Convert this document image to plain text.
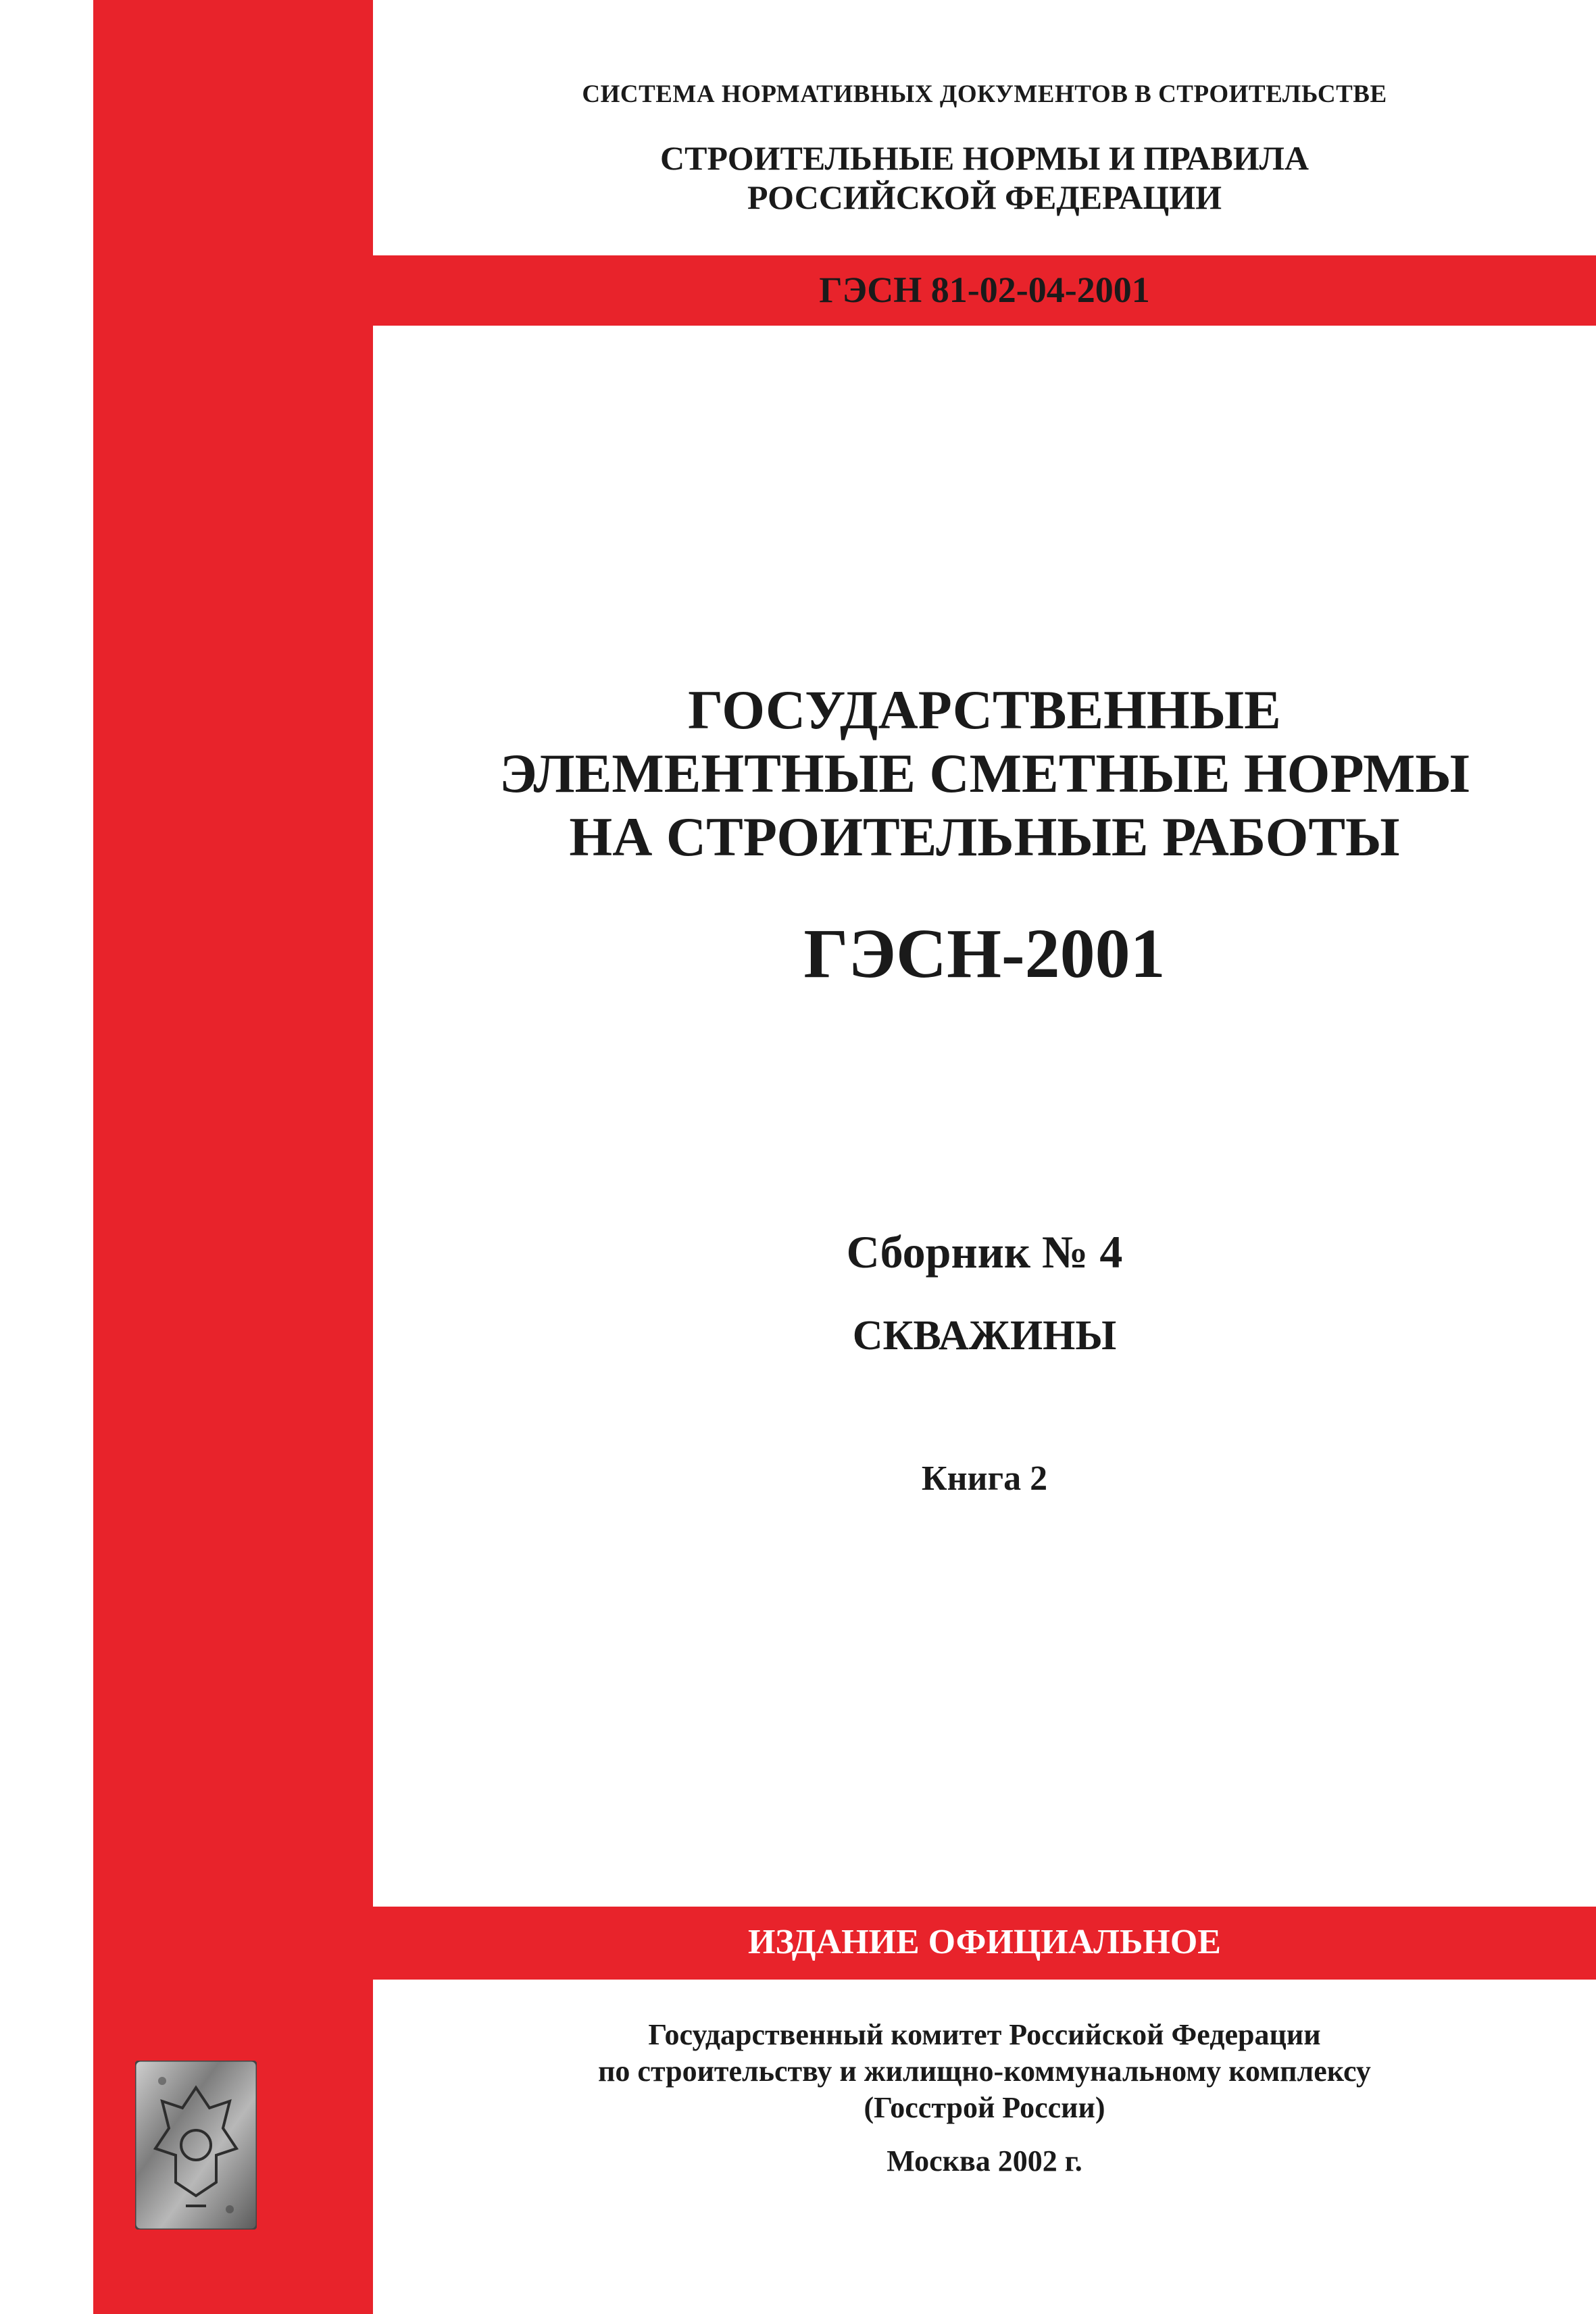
СИСТЕМА НОРМАТИВНЫХ ДОКУМЕНТОВ В СТРОИТЕЛЬСТВЕ
СТРОИТЕЛЬНЫЕ НОРМЫ И ПРАВИЛА
РОССИЙСКОЙ ФЕДЕРАЦИИ
ГЭСН 81-02-04-2001
ГОСУДАРСТВЕННЫЕ
ЭЛЕМЕНТНЫЕ СМЕТНЫЕ НОРМЫ
НА СТРОИТЕЛЬНЫЕ РАБОТЫ
ГЭСН-2001
Сборник № 4
СКВАЖИНЫ
Книга 2
ИЗДАНИЕ ОФИЦИАЛЬНОЕ
Государственный комитет Российской Федерации
по строительству и жилищно-коммунальному комплексу
(Госстрой России)
Москва 2002 г.
